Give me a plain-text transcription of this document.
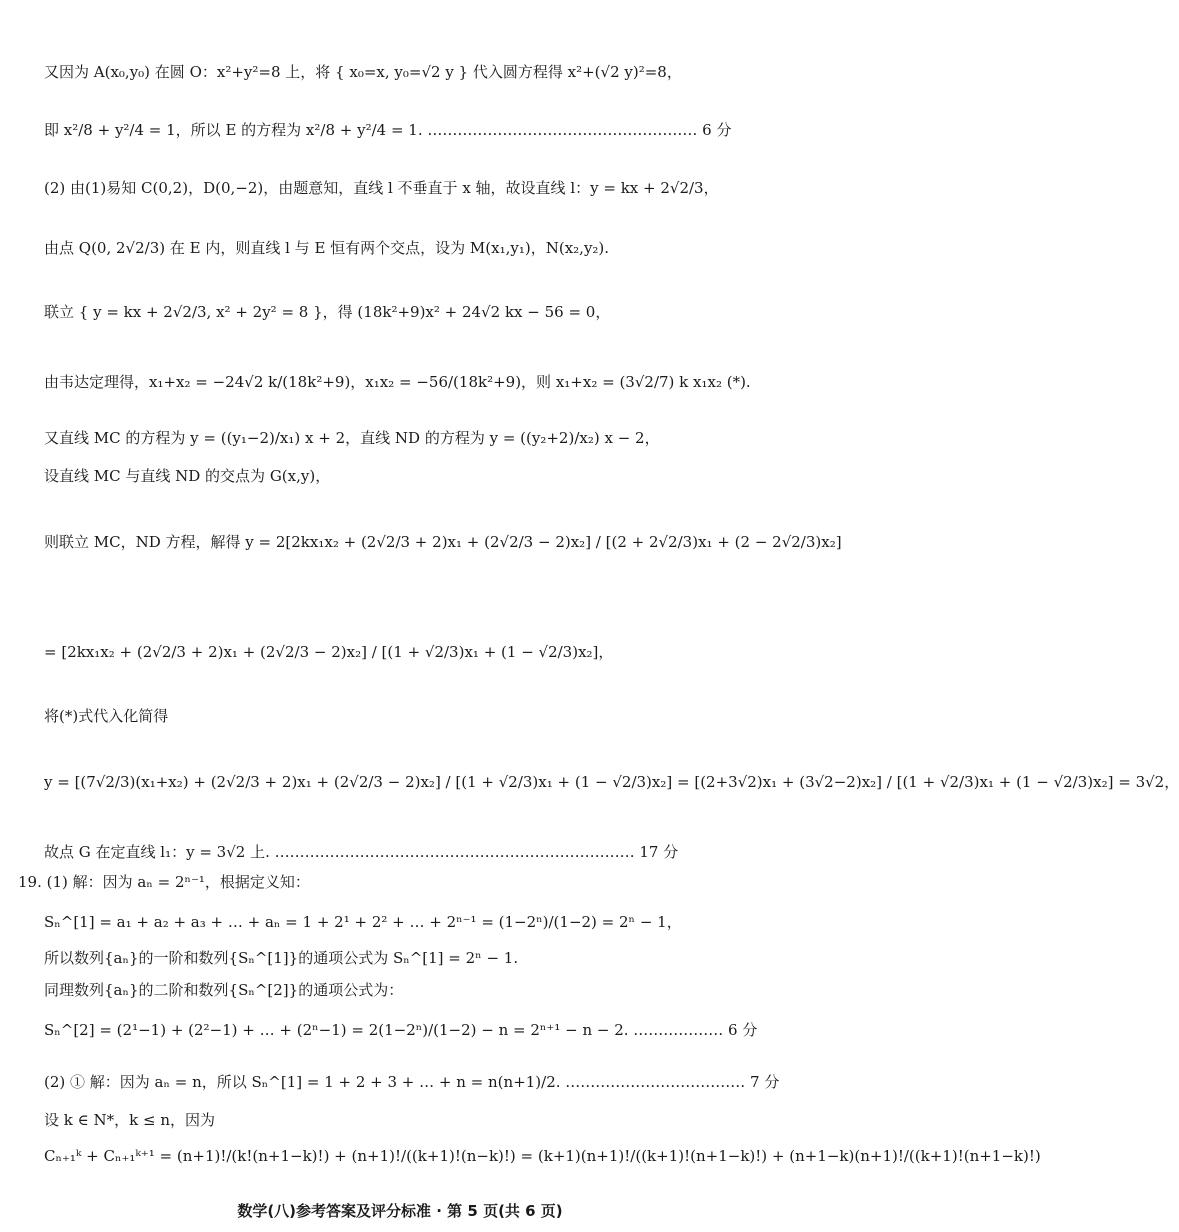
又因为 A(x₀,y₀) 在圆 O：x²+y²=8 上，将 { x₀=x, y₀=√2 y } 代入圆方程得 x²+(√2 y)²=8，
即 x²/8 + y²/4 = 1，所以 E 的方程为 x²/8 + y²/4 = 1. ……………………………………………… 6 分
(2) 由(1)易知 C(0,2)，D(0,−2)，由题意知，直线 l 不垂直于 x 轴，故设直线 l：y = kx + 2√2/3，
由点 Q(0, 2√2/3) 在 E 内，则直线 l 与 E 恒有两个交点，设为 M(x₁,y₁)，N(x₂,y₂).
联立 { y = kx + 2√2/3, x² + 2y² = 8 }，得 (18k²+9)x² + 24√2 kx − 56 = 0，
由韦达定理得，x₁+x₂ = −24√2 k/(18k²+9)，x₁x₂ = −56/(18k²+9)，则 x₁+x₂ = (3√2/7) k x₁x₂ (*).
又直线 MC 的方程为 y = ((y₁−2)/x₁) x + 2，直线 ND 的方程为 y = ((y₂+2)/x₂) x − 2，
设直线 MC 与直线 ND 的交点为 G(x,y)，
则联立 MC，ND 方程，解得 y = 2[2kx₁x₂ + (2√2/3 + 2)x₁ + (2√2/3 − 2)x₂] / [(2 + 2√2/3)x₁ + (2 − 2√2/3)x₂]
= [2kx₁x₂ + (2√2/3 + 2)x₁ + (2√2/3 − 2)x₂] / [(1 + √2/3)x₁ + (1 − √2/3)x₂]，
将(*)式代入化简得
y = [(7√2/3)(x₁+x₂) + (2√2/3 + 2)x₁ + (2√2/3 − 2)x₂] / [(1 + √2/3)x₁ + (1 − √2/3)x₂] = [(2+3√2)x₁ + (3√2−2)x₂] / [(1 + √2/3)x₁ + (1 − √2/3)x₂] = 3√2，
故点 G 在定直线 l₁：y = 3√2 上. ……………………………………………………………… 17 分
19. (1) 解：因为 aₙ = 2ⁿ⁻¹，根据定义知：
Sₙ^[1] = a₁ + a₂ + a₃ + … + aₙ = 1 + 2¹ + 2² + … + 2ⁿ⁻¹ = (1−2ⁿ)/(1−2) = 2ⁿ − 1，
所以数列{aₙ}的一阶和数列{Sₙ^[1]}的通项公式为 Sₙ^[1] = 2ⁿ − 1.
同理数列{aₙ}的二阶和数列{Sₙ^[2]}的通项公式为：
Sₙ^[2] = (2¹−1) + (2²−1) + … + (2ⁿ−1) = 2(1−2ⁿ)/(1−2) − n = 2ⁿ⁺¹ − n − 2. ……………… 6 分
(2) ① 解：因为 aₙ = n，所以 Sₙ^[1] = 1 + 2 + 3 + … + n = n(n+1)/2. ……………………………… 7 分
设 k ∈ N*，k ≤ n，因为
Cₙ₊₁ᵏ + Cₙ₊₁ᵏ⁺¹ = (n+1)!/(k!(n+1−k)!) + (n+1)!/((k+1)!(n−k)!) = (k+1)(n+1)!/((k+1)!(n+1−k)!) + (n+1−k)(n+1)!/((k+1)!(n+1−k)!)
数学(八)参考答案及评分标准 · 第 5 页(共 6 页)
